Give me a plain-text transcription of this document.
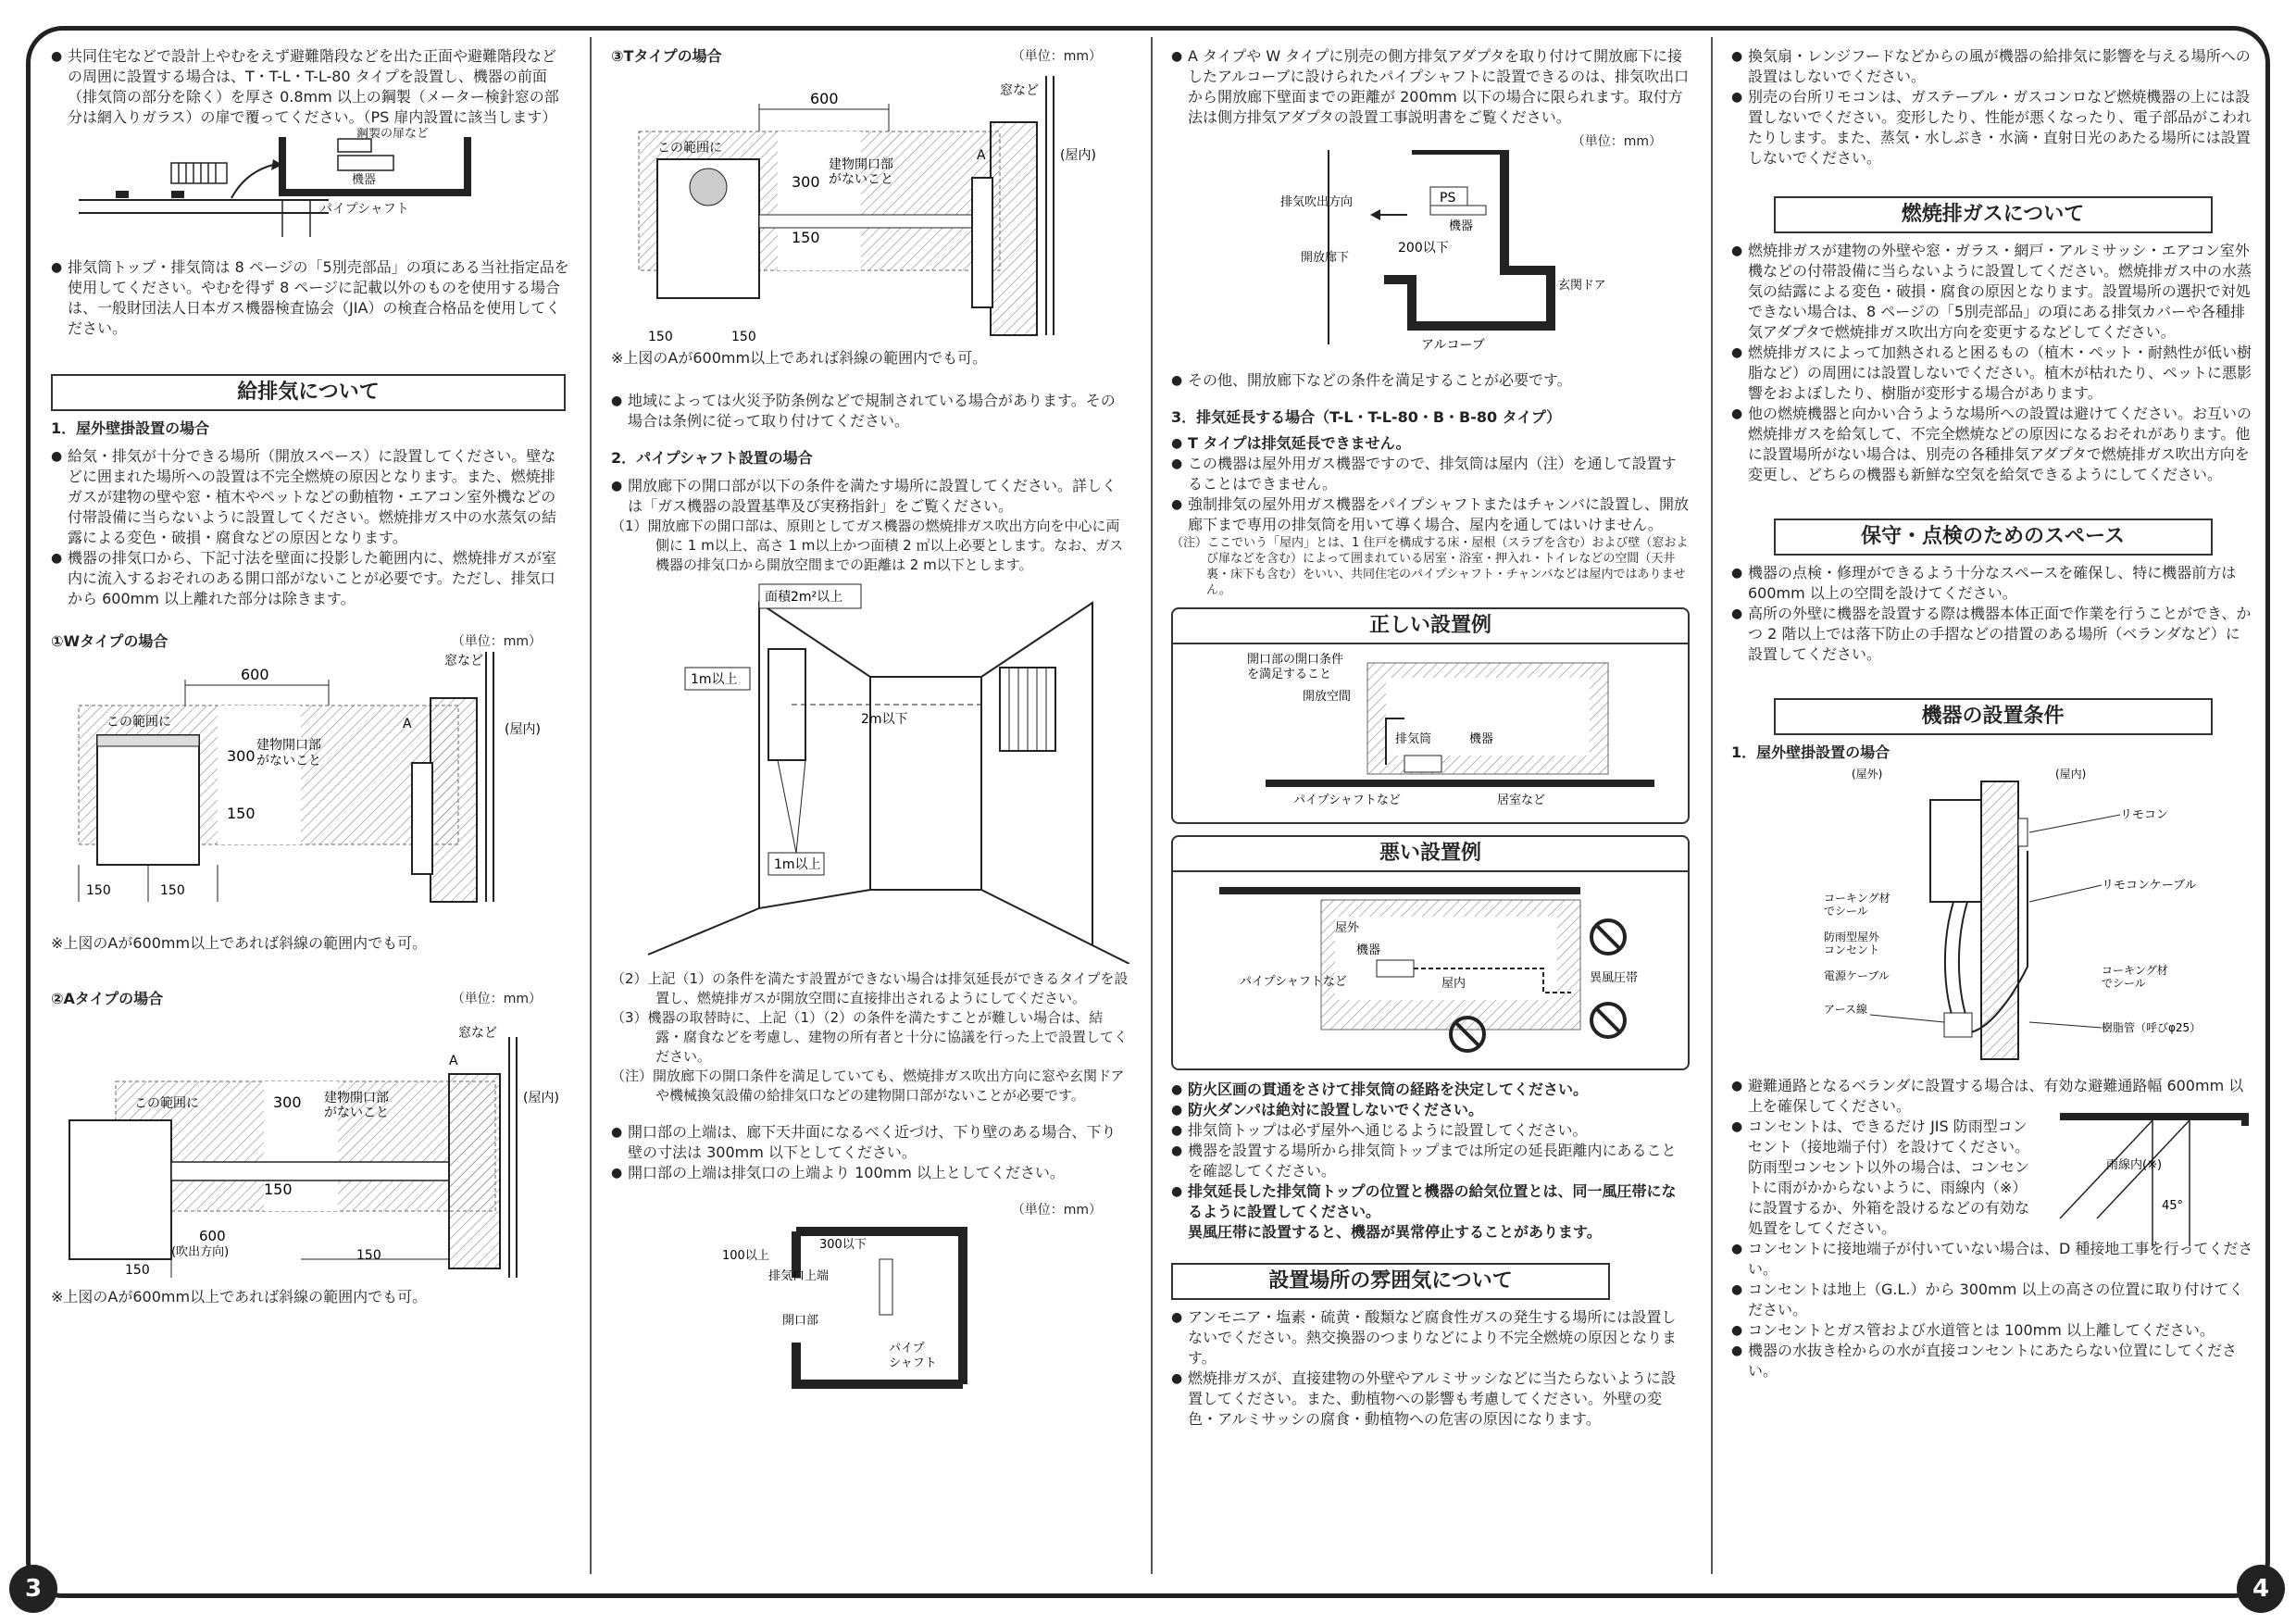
● 共同住宅などで設計上やむをえず避難階段などを出た正面や避難階段などの周囲に設置する場合は、T・T-L・T-L-80 タイプを設置し、機器の前面（排気筒の部分を除く）を厚さ 0.8mm 以上の鋼製（メーター検針窓の部分は網入りガラス）の扉で覆ってください。（PS 扉内設置に該当します）

鋼製の扉など
機器
パイプシャフト

● 排気筒トップ・排気筒は 8 ページの「5別売部品」の項にある当社指定品を使用してください。やむを得ず 8 ページに記載以外のものを使用する場合は、一般財団法人日本ガス機器検査協会（JIA）の検査合格品を使用してください。

給排気について

1．屋外壁掛設置の場合

● 給気・排気が十分できる場所（開放スペース）に設置してください。壁などに囲まれた場所への設置は不完全燃焼の原因となります。また、燃焼排ガスが建物の壁や窓・植木やペットなどの動植物・エアコン室外機などの付帯設備に当らないように設置してください。燃焼排ガス中の水蒸気の結露による変色・破損・腐食などの原因となります。

● 機器の排気口から、下記寸法を壁面に投影した範囲内に、燃焼排ガスが室内に流入するおそれのある開口部がないことが必要です。ただし、排気口から 600mm 以上離れた部分は除きます。

①Wタイプの場合	（単位：mm）

600
300
150
この範囲に
建物開口部
がないこと
150	150
窓など
(屋内)
A

※上図のAが600mm以上であれば斜線の範囲内でも可。

②Aタイプの場合	（単位：mm）

300
150
この範囲に	建物開口部
がないこと
600
(吹出方向)
150
150
窓など
(屋内)
A

※上図のAが600mm以上であれば斜線の範囲内でも可。

③Tタイプの場合	（単位：mm）

600
300
150
この範囲に
建物開口部
がないこと
150	150
窓など
(屋内)
A

※上図のAが600mm以上であれば斜線の範囲内でも可。

● 地域によっては火災予防条例などで規制されている場合があります。その場合は条例に従って取り付けてください。

2．パイプシャフト設置の場合

● 開放廊下の開口部が以下の条件を満たす場所に設置してください。詳しくは「ガス機器の設置基準及び実務指針」をご覧ください。

（1）開放廊下の開口部は、原則としてガス機器の燃焼排ガス吹出方向を中心に両側に 1 m以上、高さ 1 m以上かつ面積 2 ㎡以上必要とします。なお、ガス機器の排気口から開放空間までの距離は 2 m以下とします。

面積2m²以上
1m以上
2m以下
1m以上

（2）上記（1）の条件を満たす設置ができない場合は排気延長ができるタイプを設置し、燃焼排ガスが開放空間に直接排出されるようにしてください。

（3）機器の取替時に、上記（1）（2）の条件を満たすことが難しい場合は、結露・腐食などを考慮し、建物の所有者と十分に協議を行った上で設置してください。

（注）開放廊下の開口条件を満足していても、燃焼排ガス吹出方向に窓や玄関ドアや機械換気設備の給排気口などの建物開口部がないことが必要です。

● 開口部の上端は、廊下天井面になるべく近づけ、下り壁のある場合、下り壁の寸法は 300mm 以下としてください。

● 開口部の上端は排気口の上端より 100mm 以上としてください。

（単位：mm）

100以上
300以下
排気口上端
開口部
パイプ
シャフト

● A タイプや W タイプに別売の側方排気アダプタを取り付けて開放廊下に接したアルコーブに設けられたパイプシャフトに設置できるのは、排気吹出口から開放廊下壁面までの距離が 200mm 以下の場合に限られます。取付方法は側方排気アダプタの設置工事説明書をご覧ください。

（単位：mm）

排気吹出方向
開放廊下
PS
機器
200以下
アルコーブ
玄関ドア

● その他、開放廊下などの条件を満足することが必要です。

3．排気延長する場合（T-L・T-L-80・B・B-80 タイプ）

● T タイプは排気延長できません。

● この機器は屋外用ガス機器ですので、排気筒は屋内（注）を通して設置することはできません。

● 強制排気の屋外用ガス機器をパイプシャフトまたはチャンバに設置し、開放廊下まで専用の排気筒を用いて導く場合、屋内を通してはいけません。

（注）ここでいう「屋内」とは、1 住戸を構成する床・屋根（スラブを含む）および壁（窓および扉などを含む）によって囲まれている居室・浴室・押入れ・トイレなどの空間（天井裏・床下も含む）をいい、共同住宅のパイプシャフト・チャンバなどは屋内ではありません。

正しい設置例
開口部の開口条件
を満足すること
開放空間
排気筒	機器
パイプシャフトなど	居室など
悪い設置例
屋外
機器
パイプシャフトなど	屋内	異風圧帯

● 防火区画の貫通をさけて排気筒の経路を決定してください。

● 防火ダンパは絶対に設置しないでください。

● 排気筒トップは必ず屋外へ通じるように設置してください。

● 機器を設置する場所から排気筒トップまでは所定の延長距離内にあることを確認してください。

● 排気延長した排気筒トップの位置と機器の給気位置とは、同一風圧帯になるように設置してください。

異風圧帯に設置すると、機器が異常停止することがあります。

設置場所の雰囲気について

● アンモニア・塩素・硫黄・酸類など腐食性ガスの発生する場所には設置しないでください。熱交換器のつまりなどにより不完全燃焼の原因となります。

● 燃焼排ガスが、直接建物の外壁やアルミサッシなどに当たらないように設置してください。また、動植物への影響も考慮してください。外壁の変色・アルミサッシの腐食・動植物への危害の原因になります。

● 換気扇・レンジフードなどからの風が機器の給排気に影響を与える場所への設置はしないでください。

● 別売の台所リモコンは、ガステーブル・ガスコンロなど燃焼機器の上には設置しないでください。変形したり、性能が悪くなったり、電子部品がこわれたりします。また、蒸気・水しぶき・水滴・直射日光のあたる場所には設置しないでください。

燃焼排ガスについて

● 燃焼排ガスが建物の外壁や窓・ガラス・網戸・アルミサッシ・エアコン室外機などの付帯設備に当らないように設置してください。燃焼排ガス中の水蒸気の結露による変色・破損・腐食の原因となります。設置場所の選択で対処できない場合は、8 ページの「5別売部品」の項にある排気カバーや各種排気アダプタで燃焼排ガス吹出方向を変更するなどしてください。

● 燃焼排ガスによって加熱されると困るもの（植木・ペット・耐熱性が低い樹脂など）の周囲には設置しないでください。植木が枯れたり、ペットに悪影響をおよぼしたり、樹脂が変形する場合があります。

● 他の燃焼機器と向かい合うような場所への設置は避けてください。お互いの燃焼排ガスを給気して、不完全燃焼などの原因になるおそれがあります。他に設置場所がない場合は、別売の各種排気アダプタで燃焼排ガス吹出方向を変更し、どちらの機器も新鮮な空気を給気できるようにしてください。

保守・点検のためのスペース

● 機器の点検・修理ができるよう十分なスペースを確保し、特に機器前方は 600mm 以上の空間を設けてください。

● 高所の外壁に機器を設置する際は機器本体正面で作業を行うことができ、かつ 2 階以上では落下防止の手摺などの措置のある場所（ベランダなど）に設置してください。

機器の設置条件

1．屋外壁掛設置の場合

(屋外)	(屋内)
リモコン
リモコンケーブル
コーキング材
でシール
防雨型屋外
コンセント
電源ケーブル
アース線
コーキング材
でシール
樹脂管（呼びφ25）

● 避難通路となるベランダに設置する場合は、有効な避難通路幅 600mm 以上を確保してください。

● コンセントは、できるだけ JIS 防雨型コンセント（接地端子付）を設けてください。防雨型コンセント以外の場合は、コンセントに雨がかからないように、雨線内（※）に設置するか、外箱を設けるなどの有効な処置をしてください。

雨線内(※)
45°

● コンセントに接地端子が付いていない場合は、D 種接地工事を行ってください。

● コンセントは地上（G.L.）から 300mm 以上の高さの位置に取り付けてください。

● コンセントとガス管および水道管とは 100mm 以上離してください。

● 機器の水抜き栓からの水が直接コンセントにあたらない位置にしてください。

3	4
